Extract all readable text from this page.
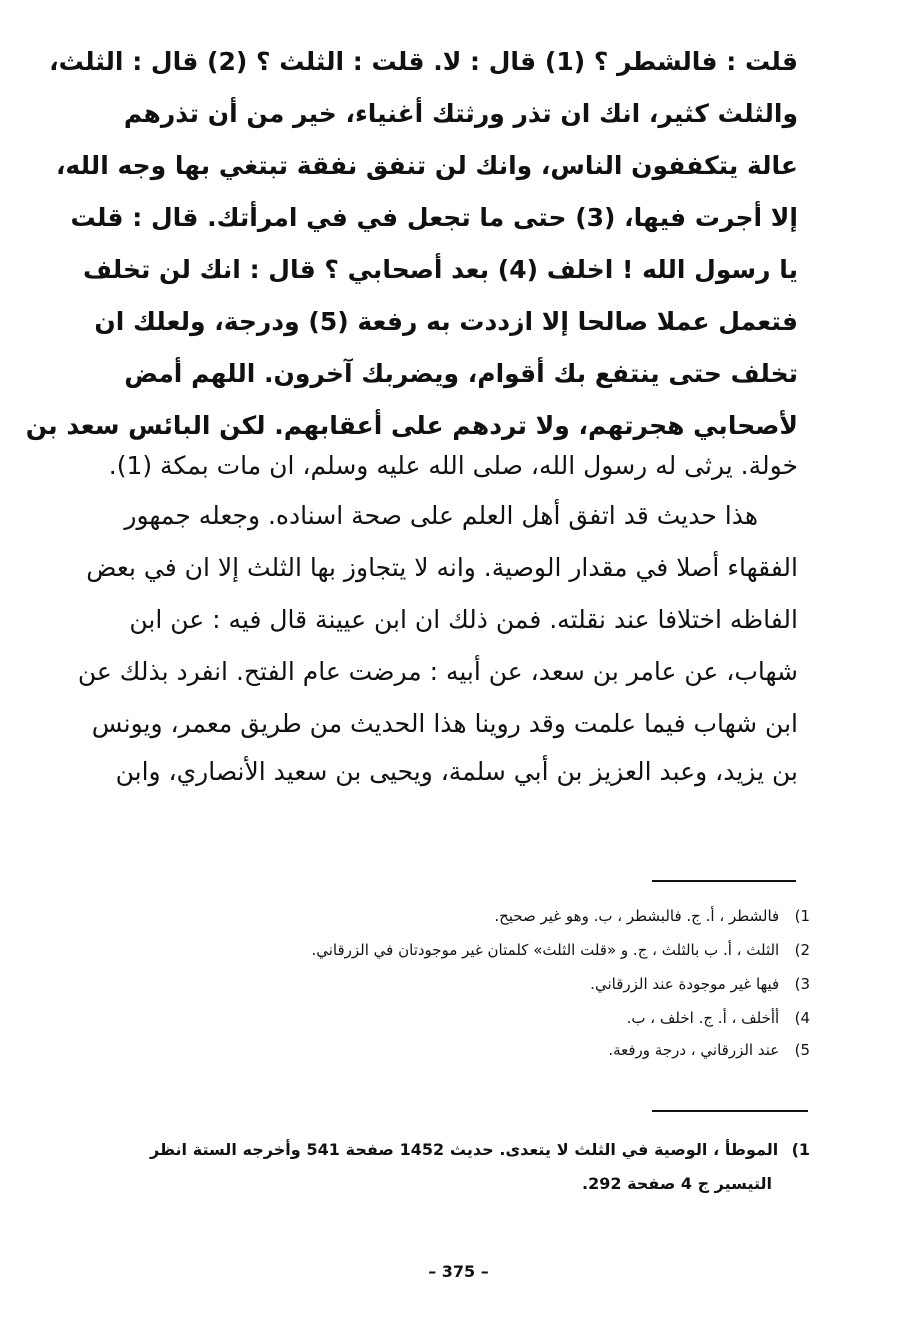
قلت : فالشطر ؟ (1) قال : لا. قلت : الثلث ؟ (2) قال : الثلث،
والثلث كثير، انك ان تذر ورثتك أغنياء، خير من أن تذرهم
عالة يتكففون الناس، وانك لن تنفق نفقة تبتغي بها وجه الله،
إلا أجرت فيها، (3) حتى ما تجعل في في امرأتك. قال : قلت
يا رسول الله ! اخلف (4) بعد أصحابي ؟ قال : انك لن تخلف
فتعمل عملا صالحا إلا ازددت به رفعة (5) ودرجة، ولعلك ان
تخلف حتى ينتفع بك أقوام، ويضربك آخرون. اللهم أمض
لأصحابي هجرتهم، ولا تردهم على أعقابهم. لكن البائس سعد بن
خولة. يرثى له رسول الله، صلى الله عليه وسلم، ان مات بمكة (1).
هذا حديث قد اتفق أهل العلم على صحة اسناده. وجعله جمهور
الفقهاء أصلا في مقدار الوصية. وانه لا يتجاوز بها الثلث إلا ان في بعض
الفاظه اختلافا عند نقلته. فمن ذلك ان ابن عيينة قال فيه : عن ابن
شهاب، عن عامر بن سعد، عن أبيه : مرضت عام الفتح. انفرد بذلك عن
ابن شهاب فيما علمت وقد روينا هذا الحديث من طريق معمر، ويونس
بن يزيد، وعبد العزيز بن أبي سلمة، ويحيى بن سعيد الأنصاري، وابن
1) فالشطر ، أ. ج. فالبشطر ، ب. وهو غير صحيح.
2) الثلث ، أ. ب بالثلث ، ج. و «قلت الثلث» كلمتان غير موجودتان في الزرقاني.
3) فيها غير موجودة عند الزرقاني.
4) أأخلف ، أ. ج. اخلف ، ب.
5) عند الزرقاني ، درجة ورفعة.
1) الموطأ ، الوصية في الثلث لا يتعدى. حديث 1452 صفحة 541 وأخرجه الستة انظر
التيسير ج 4 صفحة 292.
– 375 –
